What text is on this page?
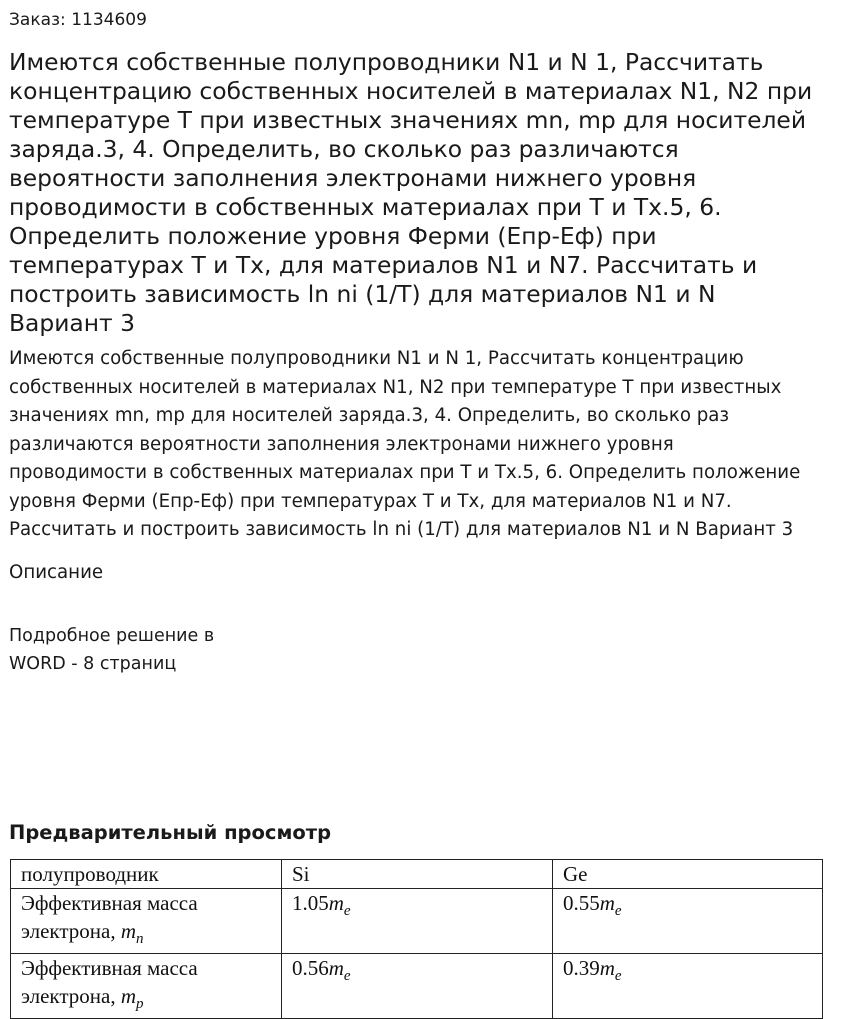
Заказ: 1134609
Имеются собственные полупроводники N1 и N 1, Рассчитать
концентрацию собственных носителей в материалах N1, N2 при
температуре Т при известных значениях mn, mp для носителей
заряда.3, 4. Определить, во сколько раз различаются
вероятности заполнения электронами нижнего уровня
проводимости в собственных материалах при Т и Тх.5, 6.
Определить положение уровня Ферми (Епр-Еф) при
температурах Т и Тх, для материалов N1 и N7. Рассчитать и
построить зависимость ln ni (1/T) для материалов N1 и N
Вариант 3
Имеются собственные полупроводники N1 и N 1, Рассчитать концентрацию
собственных носителей в материалах N1, N2 при температуре Т при известных
значениях mn, mp для носителей заряда.3, 4. Определить, во сколько раз
различаются вероятности заполнения электронами нижнего уровня
проводимости в собственных материалах при Т и Тх.5, 6. Определить положение
уровня Ферми (Епр-Еф) при температурах Т и Тх, для материалов N1 и N7.
Рассчитать и построить зависимость ln ni (1/T) для материалов N1 и N Вариант 3
Описание
Подробное решение в
WORD - 8 страниц
Предварительный просмотр
полупроводник	Si	Ge
Эффективная масса
электрона, $m_n$	$1.05m_e$	$0.55m_e$
Эффективная масса
электрона, $m_p$	$0.56m_e$	$0.39m_e$
